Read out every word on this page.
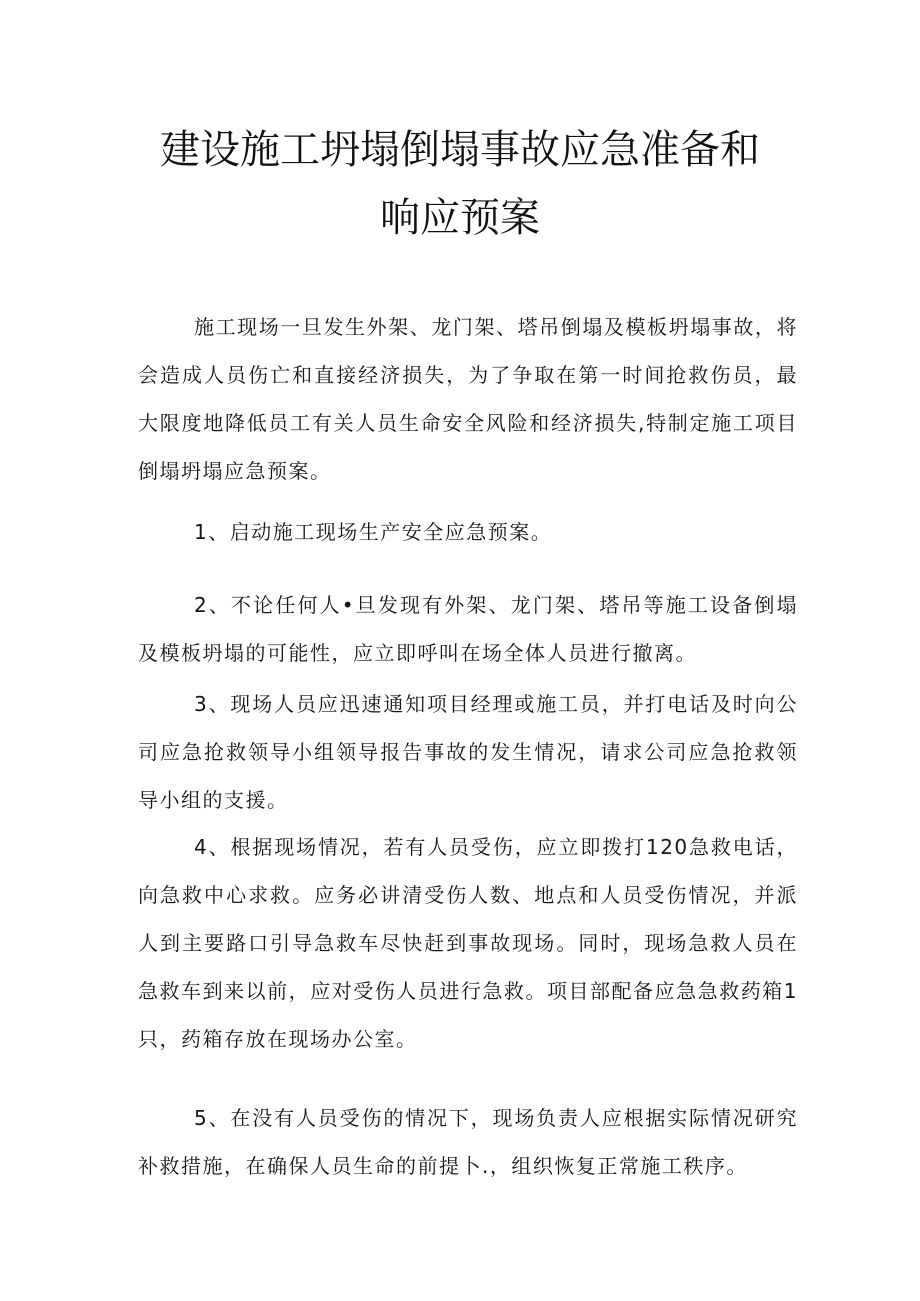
建设施工坍塌倒塌事故应急准备和
响应预案

施工现场一旦发生外架、龙门架、塔吊倒塌及模板坍塌事故，将会造成人员伤亡和直接经济损失，为了争取在第一时间抢救伤员，最大限度地降低员工有关人员生命安全风险和经济损失,特制定施工项目倒塌坍塌应急预案。

1、启动施工现场生产安全应急预案。

2、不论任何人•旦发现有外架、龙门架、塔吊等施工设备倒塌及模板坍塌的可能性，应立即呼叫在场全体人员进行撤离。

3、现场人员应迅速通知项目经理或施工员，并打电话及时向公司应急抢救领导小组领导报告事故的发生情况，请求公司应急抢救领导小组的支援。

4、根据现场情况，若有人员受伤，应立即拨打120急救电话，向急救中心求救。应务必讲清受伤人数、地点和人员受伤情况，并派人到主要路口引导急救车尽快赶到事故现场。同时，现场急救人员在急救车到来以前，应对受伤人员进行急救。项目部配备应急急救药箱1只，药箱存放在现场办公室。

5、在没有人员受伤的情况下，现场负责人应根据实际情况研究补救措施，在确保人员生命的前提卜.，组织恢复正常施工秩序。
